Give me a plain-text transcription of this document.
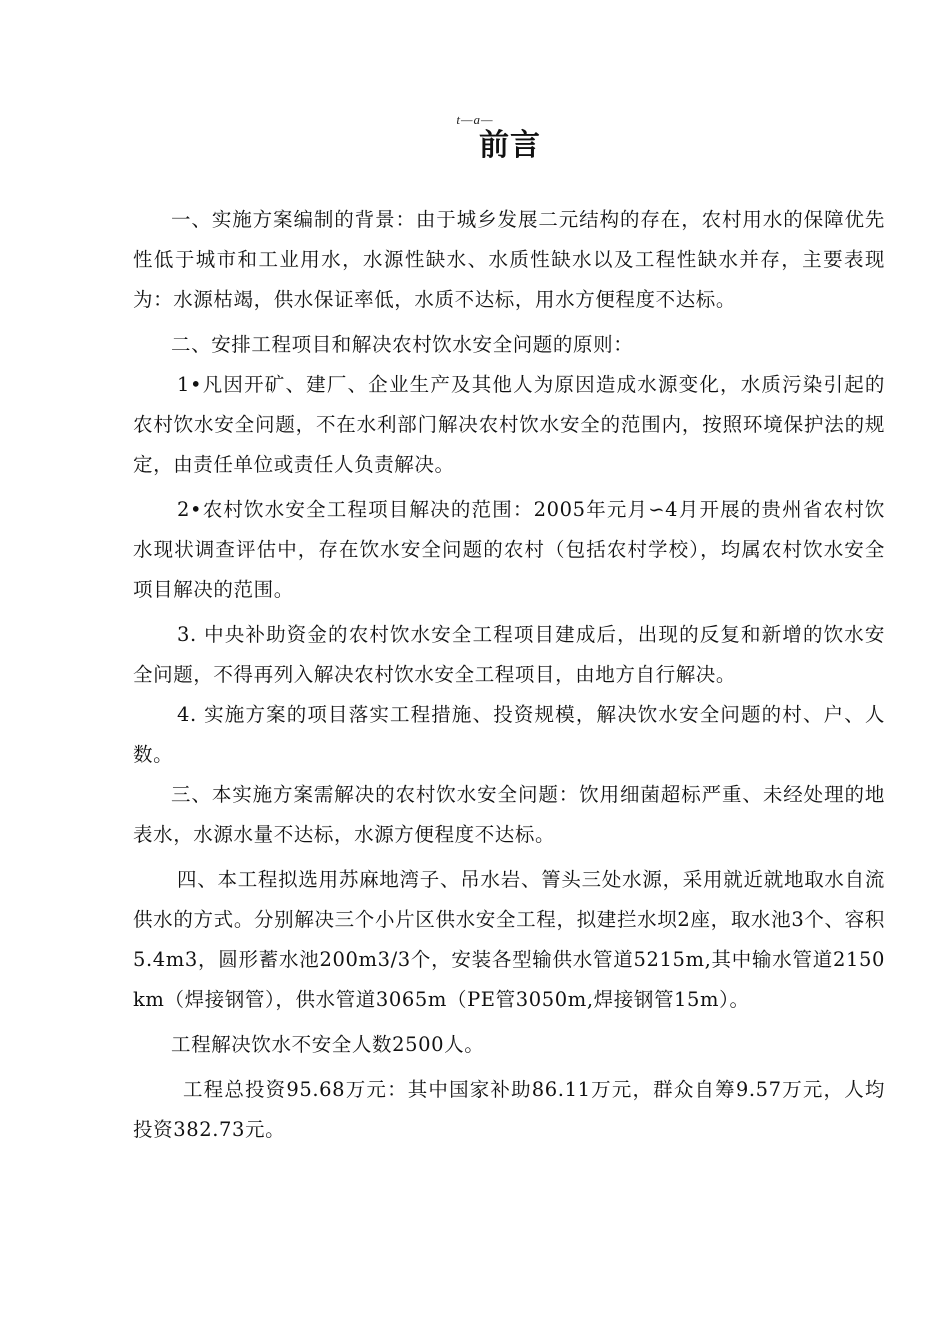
t—a—
前言

一、实施方案编制的背景：由于城乡发展二元结构的存在，农村用水的保障优先性低于城市和工业用水，水源性缺水、水质性缺水以及工程性缺水并存，主要表现为：水源枯竭，供水保证率低，水质不达标，用水方便程度不达标。

二、安排工程项目和解决农村饮水安全问题的原则：

1•凡因开矿、建厂、企业生产及其他人为原因造成水源变化，水质污染引起的农村饮水安全问题，不在水利部门解决农村饮水安全的范围内，按照环境保护法的规定，由责任单位或责任人负责解决。

2•农村饮水安全工程项目解决的范围：2005年元月∽4月开展的贵州省农村饮水现状调查评估中，存在饮水安全问题的农村（包括农村学校），均属农村饮水安全项目解决的范围。

3. 中央补助资金的农村饮水安全工程项目建成后，出现的反复和新增的饮水安全问题，不得再列入解决农村饮水安全工程项目，由地方自行解决。

4. 实施方案的项目落实工程措施、投资规模，解决饮水安全问题的村、户、人数。

三、本实施方案需解决的农村饮水安全问题：饮用细菌超标严重、未经处理的地表水，水源水量不达标，水源方便程度不达标。

四、本工程拟选用苏麻地湾子、吊水岩、箐头三处水源，采用就近就地取水自流供水的方式。分别解决三个小片区供水安全工程，拟建拦水坝2座，取水池3个、容积5.4m3，圆形蓄水池200m3/3个，安装各型输供水管道5215m,其中输水管道2150km（焊接钢管），供水管道3065m（PE管3050m,焊接钢管15m）。

工程解决饮水不安全人数2500人。

工程总投资95.68万元：其中国家补助86.11万元，群众自筹9.57万元，人均投资382.73元。
